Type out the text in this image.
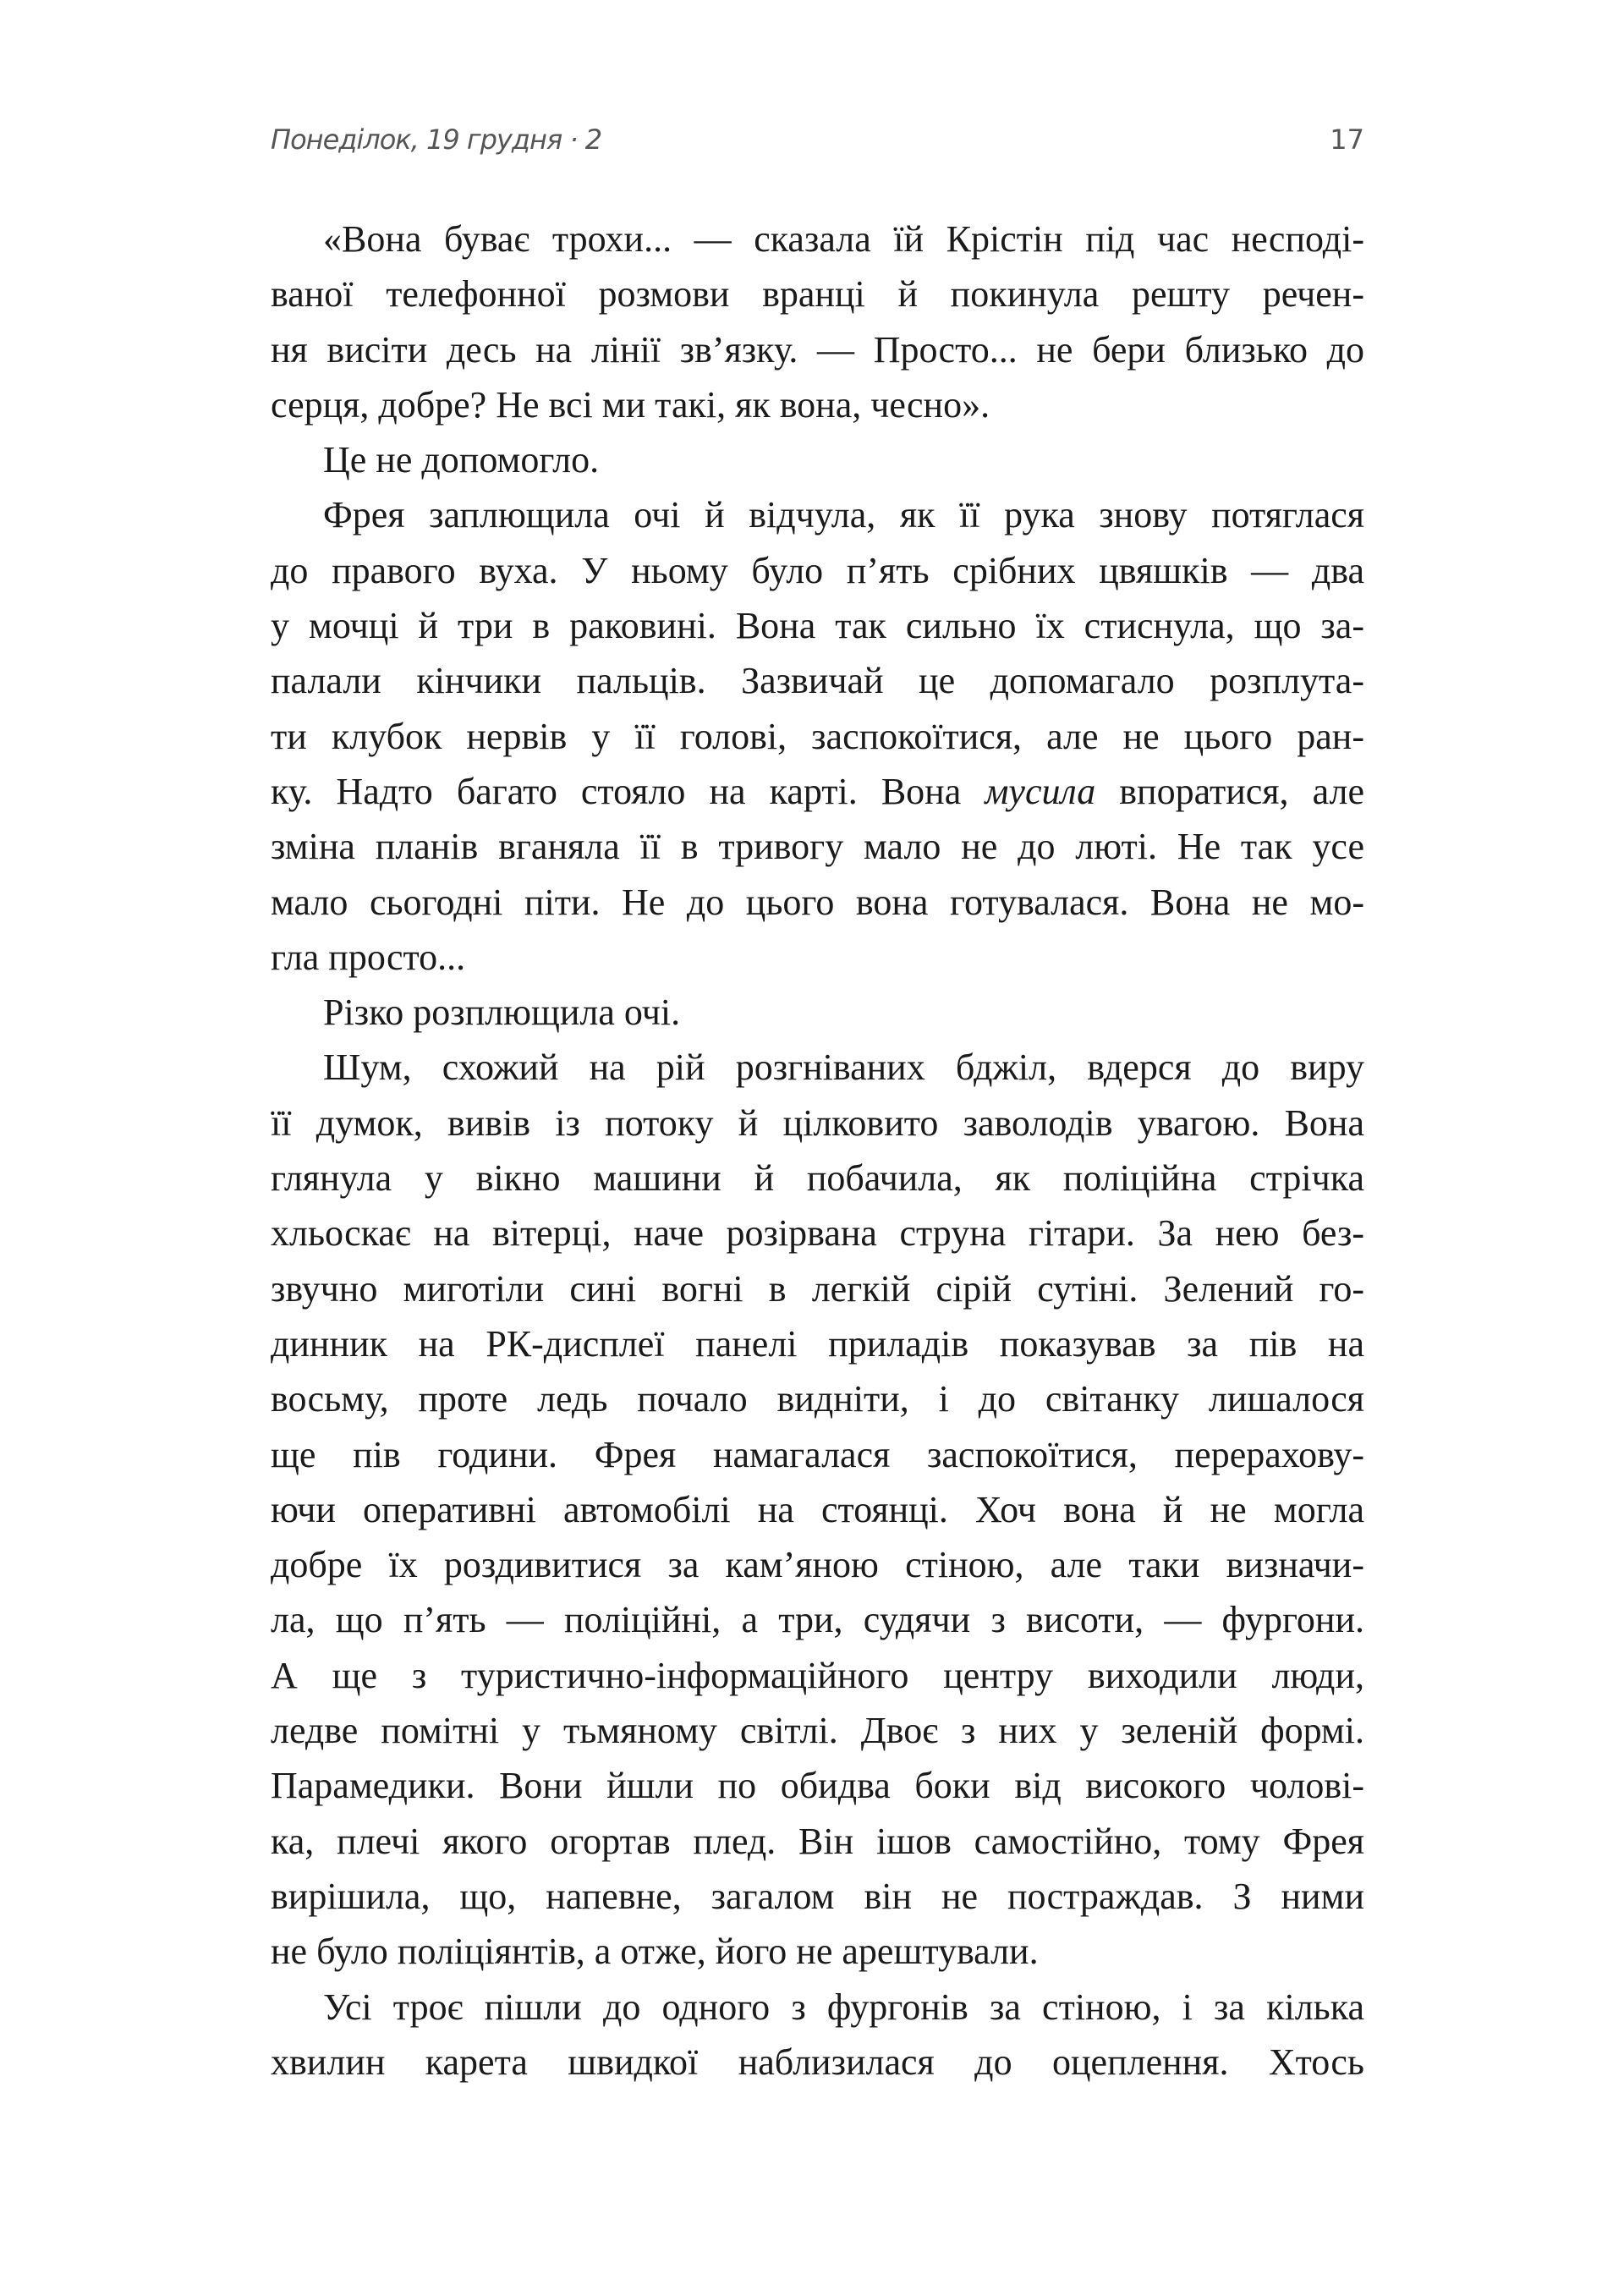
Понеділок, 19 грудня · 2	17
«Вона буває трохи... — сказала їй Крістін під час несподі-
ваної телефонної розмови вранці й покинула решту речен-
ня висіти десь на лінії зв’язку. — Просто... не бери близько до
серця, добре? Не всі ми такі, як вона, чесно».
Це не допомогло.
Фрея заплющила очі й відчула, як її рука знову потяглася
до правого вуха. У ньому було п’ять срібних цвяшків — два
у мочці й три в раковині. Вона так сильно їх стиснула, що за-
палали кінчики пальців. Зазвичай це допомагало розплута-
ти клубок нервів у її голові, заспокоїтися, але не цього ран-
ку. Надто багато стояло на карті. Вона мусила впоратися, але
зміна планів вганяла її в тривогу мало не до люті. Не так усе
мало сьогодні піти. Не до цього вона готувалася. Вона не мо-
гла просто...
Різко розплющила очі.
Шум, схожий на рій розгніваних бджіл, вдерся до виру
її думок, вивів із потоку й цілковито заволодів увагою. Вона
глянула у вікно машини й побачила, як поліційна стрічка
хльоскає на вітерці, наче розірвана струна гітари. За нею без-
звучно миготіли сині вогні в легкій сірій сутіні. Зелений го-
динник на РК-дисплеї панелі приладів показував за пів на
восьму, проте ледь почало видніти, і до світанку лишалося
ще пів години. Фрея намагалася заспокоїтися, перерахову-
ючи оперативні автомобілі на стоянці. Хоч вона й не могла
добре їх роздивитися за кам’яною стіною, але таки визначи-
ла, що п’ять — поліційні, а три, судячи з висоти, — фургони.
А ще з туристично-інформаційного центру виходили люди,
ледве помітні у тьмяному світлі. Двоє з них у зеленій формі.
Парамедики. Вони йшли по обидва боки від високого чолові-
ка, плечі якого огортав плед. Він ішов самостійно, тому Фрея
вирішила, що, напевне, загалом він не постраждав. З ними
не було поліціянтів, а отже, його не арештували.
Усі троє пішли до одного з фургонів за стіною, і за кілька
хвилин карета швидкої наблизилася до оцеплення. Хтось
